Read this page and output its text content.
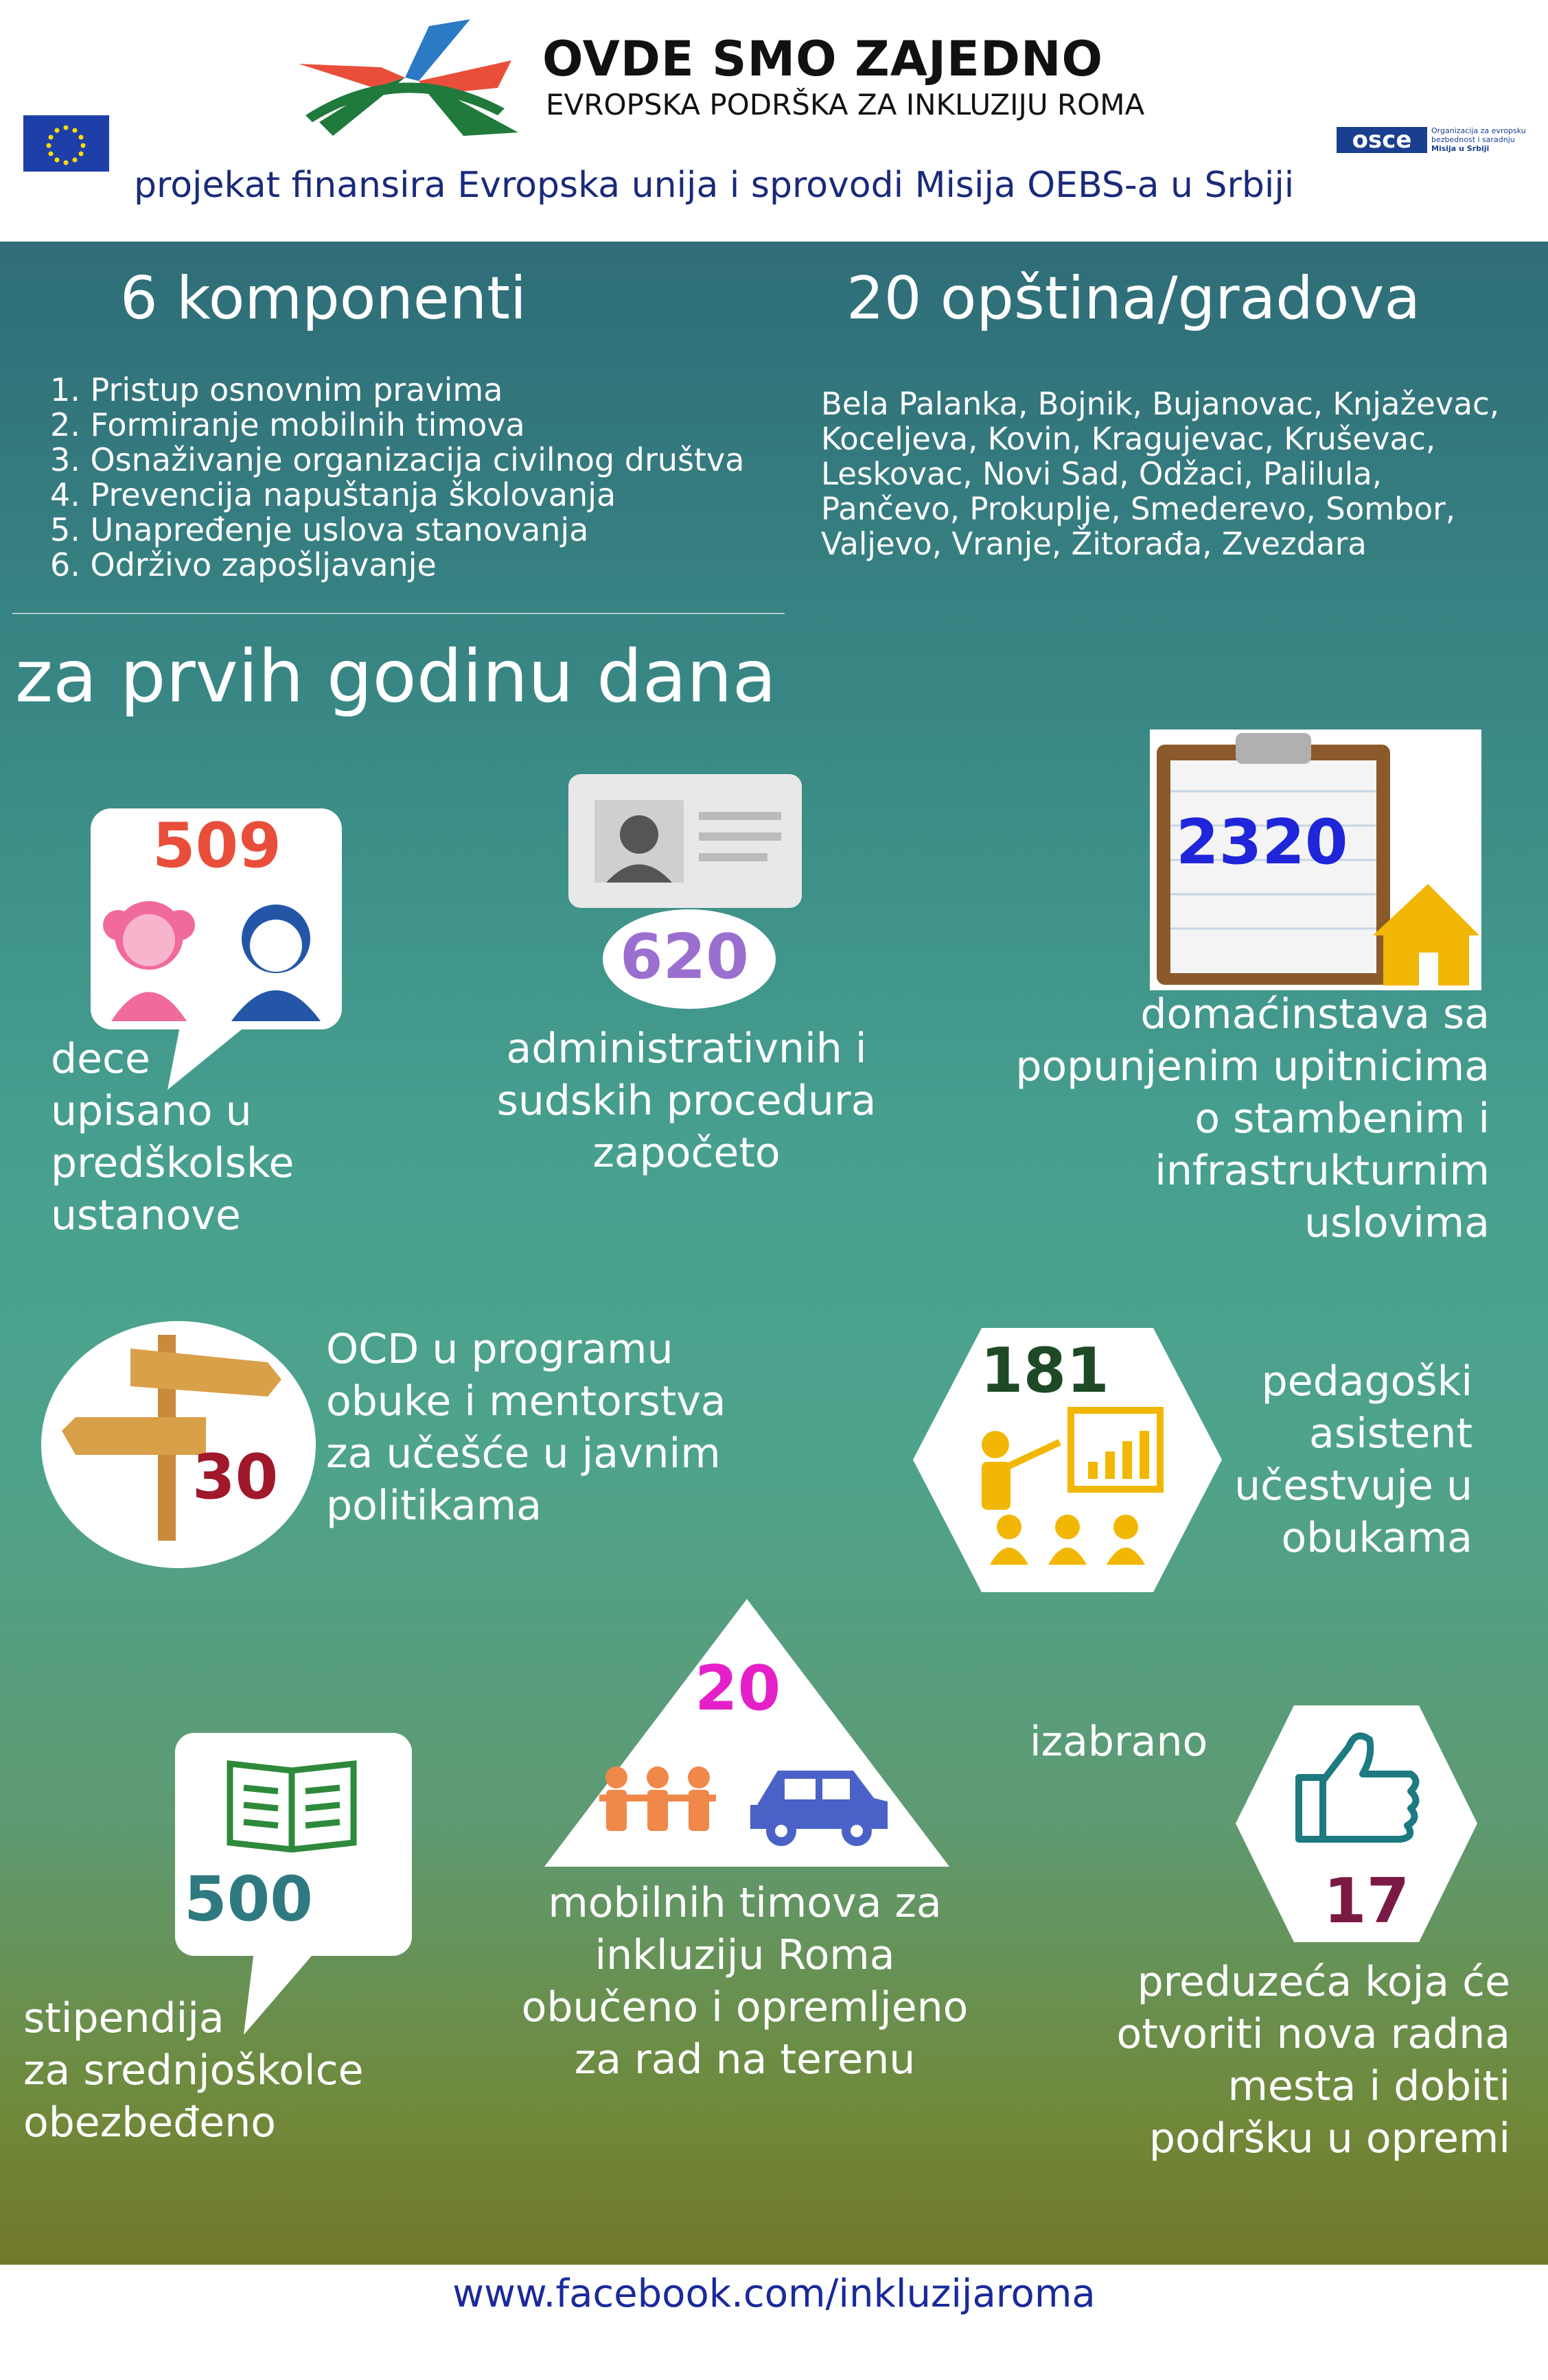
OVDE SMO ZAJEDNO
EVROPSKA PODRŠKA ZA INKLUZIJU ROMA
osce	Organizacija za evropsku
bezbednost i saradnju
Misija u Srbiji
projekat finansira Evropska unija i sprovodi Misija OEBS-a u Srbiji
6 komponenti
1. Pristup osnovnim pravima
2. Formiranje mobilnih timova
3. Osnaživanje organizacija civilnog društva
4. Prevencija napuštanja školovanja
5. Unapređenje uslova stanovanja
6. Održivo zapošljavanje
20 opština/gradova
Bela Palanka, Bojnik, Bujanovac, Knjaževac,
Koceljeva, Kovin, Kragujevac, Kruševac,
Leskovac, Novi Sad, Odžaci, Palilula,
Pančevo, Prokuplje, Smederevo, Sombor,
Valjevo, Vranje, Žitorađa, Zvezdara
za prvih godinu dana
509
dece
upisano u
predškolske
ustanove
620
administrativnih i
sudskih procedura
započeto
2320
domaćinstava sa
popunjenim upitnicima
o stambenim i
infrastrukturnim
uslovima
30
OCD u programu
obuke i mentorstva
za učešće u javnim
politikama
181	pedagoški
asistent
učestvuje u
obukama
500
stipendija
za srednjoškolce
obezbeđeno
20
mobilnih timova za
inkluziju Roma
obučeno i opremljeno
za rad na terenu
izabrano
17
preduzeća koja će
otvoriti nova radna
mesta i dobiti
podršku u opremi
www.facebook.com/inkluzijaroma
